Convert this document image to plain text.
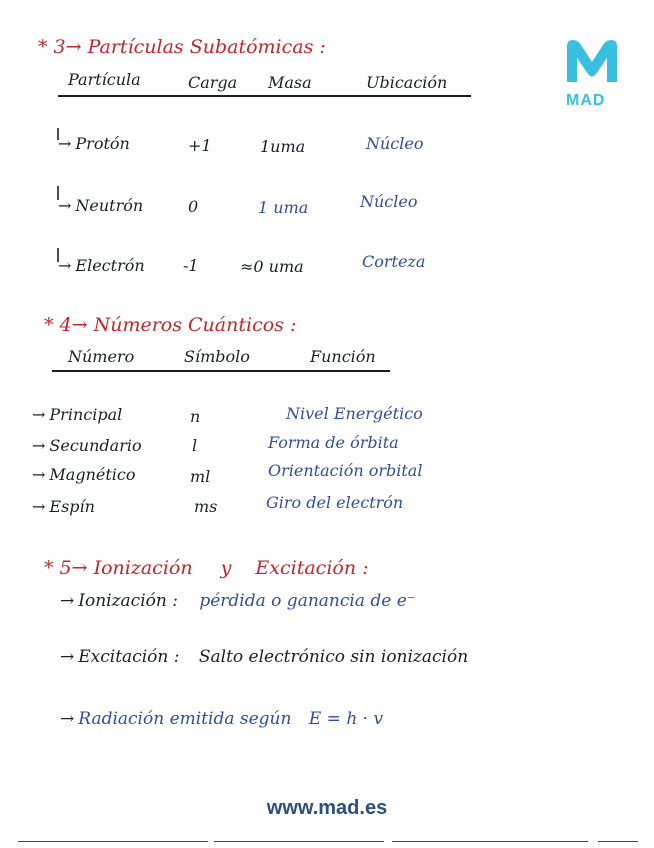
MAD
* 3→ Partículas Subatómicas :
Partícula	Carga Masa	Ubicación
→ Protón	+1	1uma	Núcleo
→ Neutrón	0	1 uma	Núcleo
→ Electrón -1	≈0 uma	Corteza
* 4→ Números Cuánticos :
Número	Símbolo	Función
→ Principal	n	Nivel Energético
→ Secundario	l	Forma de órbita
→ Magnético	ml	Orientación orbital
→ Espín	ms	Giro del electrón
* 5→ Ionización y Excitación :
→ Ionización : pérdida o ganancia de e⁻
→ Excitación : Salto electrónico sin ionización
→ Radiación emitida según E = h · v
www.mad.es
